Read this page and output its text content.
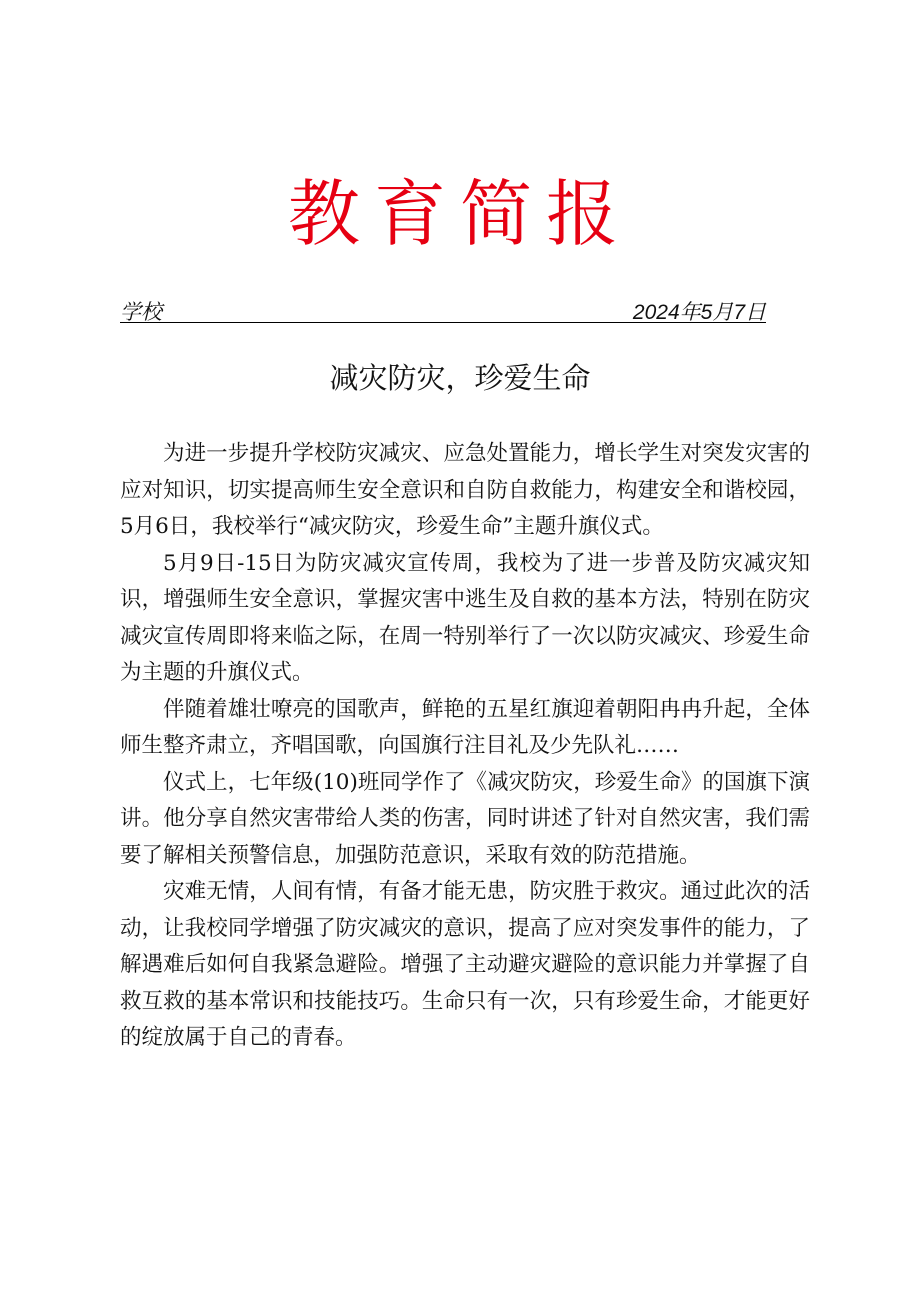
教育简报
学校	2024年5月7日
减灾防灾，珍爱生命

为进一步提升学校防灾减灾、应急处置能力，增长学生对突发灾害的应对知识，切实提高师生安全意识和自防自救能力，构建安全和谐校园，5月6日，我校举行“减灾防灾，珍爱生命”主题升旗仪式。

5月9日-15日为防灾减灾宣传周，我校为了进一步普及防灾减灾知识，增强师生安全意识，掌握灾害中逃生及自救的基本方法，特别在防灾减灾宣传周即将来临之际，在周一特别举行了一次以防灾减灾、珍爱生命为主题的升旗仪式。

伴随着雄壮嘹亮的国歌声，鲜艳的五星红旗迎着朝阳冉冉升起，全体师生整齐肃立，齐唱国歌，向国旗行注目礼及少先队礼……

仪式上，七年级(10)班同学作了《减灾防灾，珍爱生命》的国旗下演讲。他分享自然灾害带给人类的伤害，同时讲述了针对自然灾害，我们需要了解相关预警信息，加强防范意识，采取有效的防范措施。

灾难无情，人间有情，有备才能无患，防灾胜于救灾。通过此次的活动，让我校同学增强了防灾减灾的意识，提高了应对突发事件的能力，了解遇难后如何自我紧急避险。增强了主动避灾避险的意识能力并掌握了自救互救的基本常识和技能技巧。生命只有一次，只有珍爱生命，才能更好的绽放属于自己的青春。
